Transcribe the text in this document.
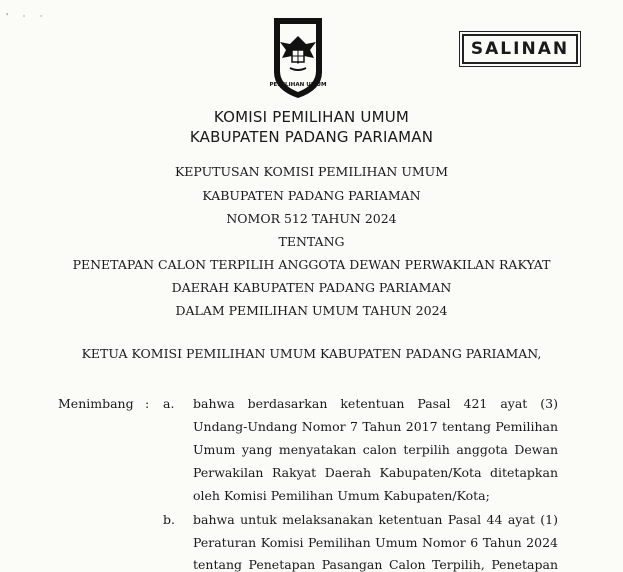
' · ·
KOMISI
PEMILIHAN UMUM
SALINAN
KOMISI PEMILIHAN UMUM
KABUPATEN PADANG PARIAMAN
KEPUTUSAN KOMISI PEMILIHAN UMUM
KABUPATEN PADANG PARIAMAN
NOMOR 512 TAHUN 2024
TENTANG
PENETAPAN CALON TERPILIH ANGGOTA DEWAN PERWAKILAN RAKYAT
DAERAH KABUPATEN PADANG PARIAMAN
DALAM PEMILIHAN UMUM TAHUN 2024
KETUA KOMISI PEMILIHAN UMUM KABUPATEN PADANG PARIAMAN,
Menimbang : a. bahwa berdasarkan ketentuan Pasal 421 ayat (3)
Undang-Undang Nomor 7 Tahun 2017 tentang Pemilihan
Umum yang menyatakan calon terpilih anggota Dewan
Perwakilan Rakyat Daerah Kabupaten/Kota ditetapkan
oleh Komisi Pemilihan Umum Kabupaten/Kota;
b. bahwa untuk melaksanakan ketentuan Pasal 44 ayat (1)
Peraturan Komisi Pemilihan Umum Nomor 6 Tahun 2024
tentang Penetapan Pasangan Calon Terpilih, Penetapan
